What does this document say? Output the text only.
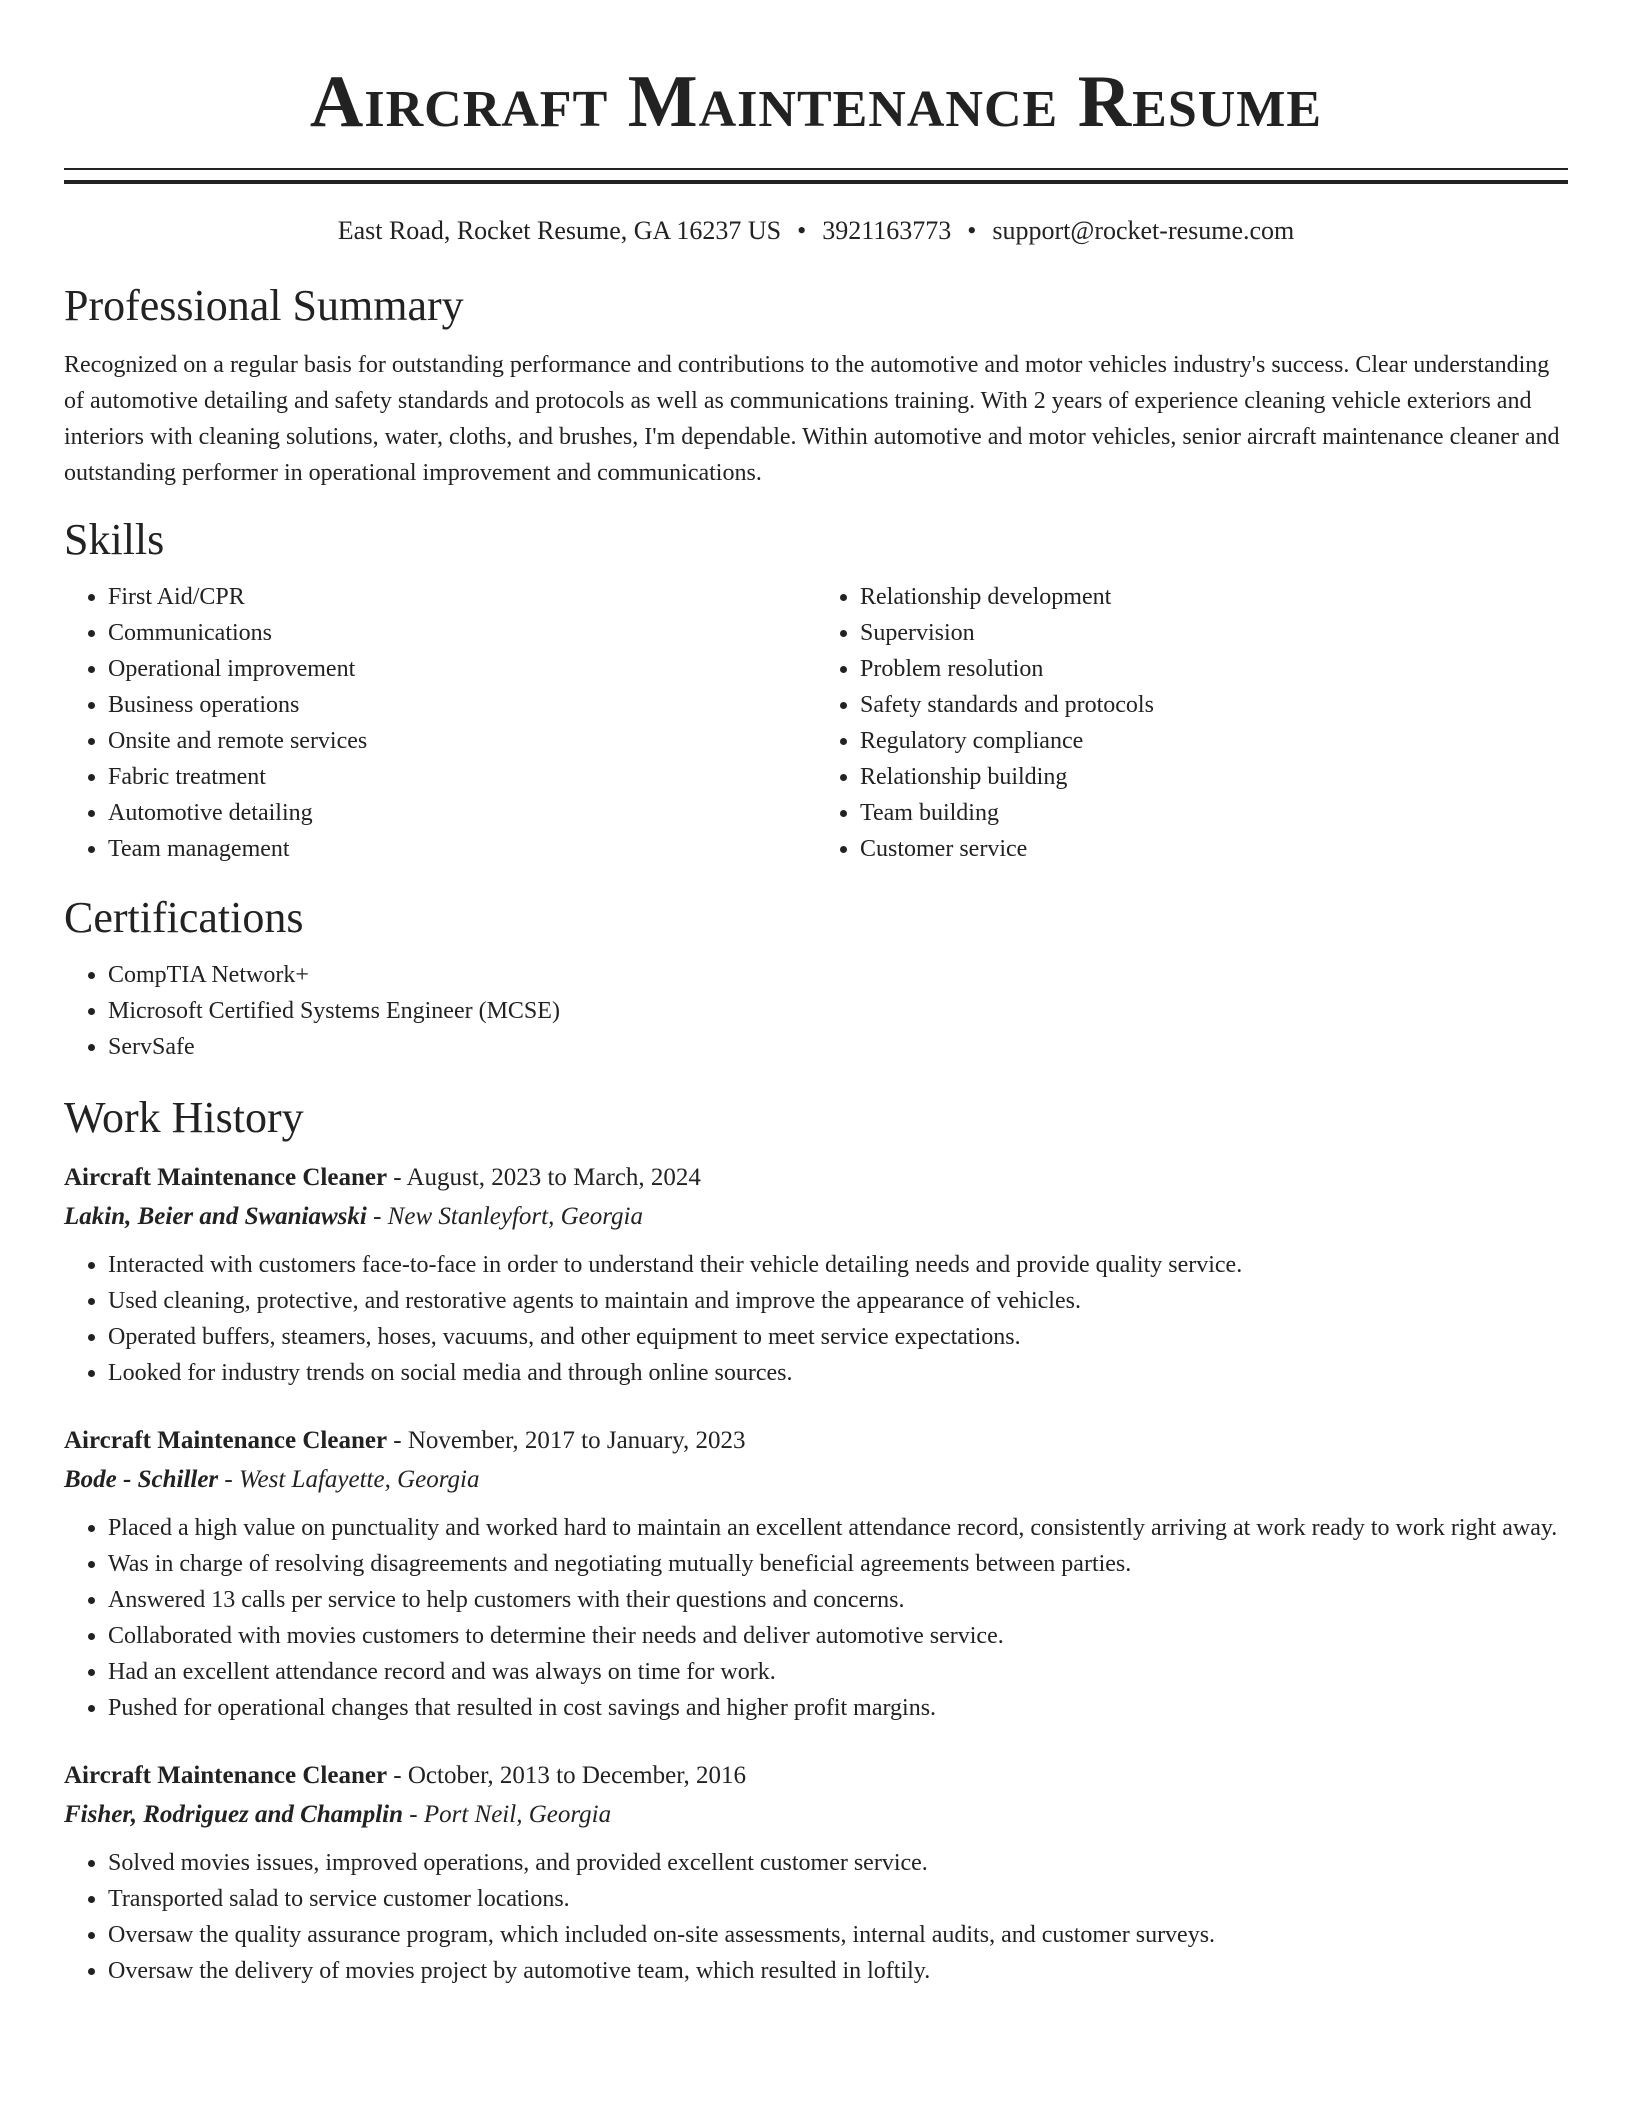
Aircraft Maintenance Resume
East Road, Rocket Resume, GA 16237 US • 3921163773 • support@rocket-resume.com
Professional Summary

Recognized on a regular basis for outstanding performance and contributions to the automotive and motor vehicles industry's success. Clear understanding of automotive detailing and safety standards and protocols as well as communications training. With 2 years of experience cleaning vehicle exteriors and interiors with cleaning solutions, water, cloths, and brushes, I'm dependable. Within automotive and motor vehicles, senior aircraft maintenance cleaner and outstanding performer in operational improvement and communications.

Skills
• First Aid/CPR
• Communications
• Operational improvement
• Business operations
• Onsite and remote services
• Fabric treatment
• Automotive detailing
• Team management
• Relationship development
• Supervision
• Problem resolution
• Safety standards and protocols
• Regulatory compliance
• Relationship building
• Team building
• Customer service
Certifications
• CompTIA Network+
• Microsoft Certified Systems Engineer (MCSE)
• ServSafe
Work History
Aircraft Maintenance Cleaner - August, 2023 to March, 2024
Lakin, Beier and Swaniawski - New Stanleyfort, Georgia
• Interacted with customers face-to-face in order to understand their vehicle detailing needs and provide quality service.
• Used cleaning, protective, and restorative agents to maintain and improve the appearance of vehicles.
• Operated buffers, steamers, hoses, vacuums, and other equipment to meet service expectations.
• Looked for industry trends on social media and through online sources.
Aircraft Maintenance Cleaner - November, 2017 to January, 2023
Bode - Schiller - West Lafayette, Georgia
• Placed a high value on punctuality and worked hard to maintain an excellent attendance record, consistently arriving at work ready to work right away.
• Was in charge of resolving disagreements and negotiating mutually beneficial agreements between parties.
• Answered 13 calls per service to help customers with their questions and concerns.
• Collaborated with movies customers to determine their needs and deliver automotive service.
• Had an excellent attendance record and was always on time for work.
• Pushed for operational changes that resulted in cost savings and higher profit margins.
Aircraft Maintenance Cleaner - October, 2013 to December, 2016
Fisher, Rodriguez and Champlin - Port Neil, Georgia
• Solved movies issues, improved operations, and provided excellent customer service.
• Transported salad to service customer locations.
• Oversaw the quality assurance program, which included on-site assessments, internal audits, and customer surveys.
• Oversaw the delivery of movies project by automotive team, which resulted in loftily.
